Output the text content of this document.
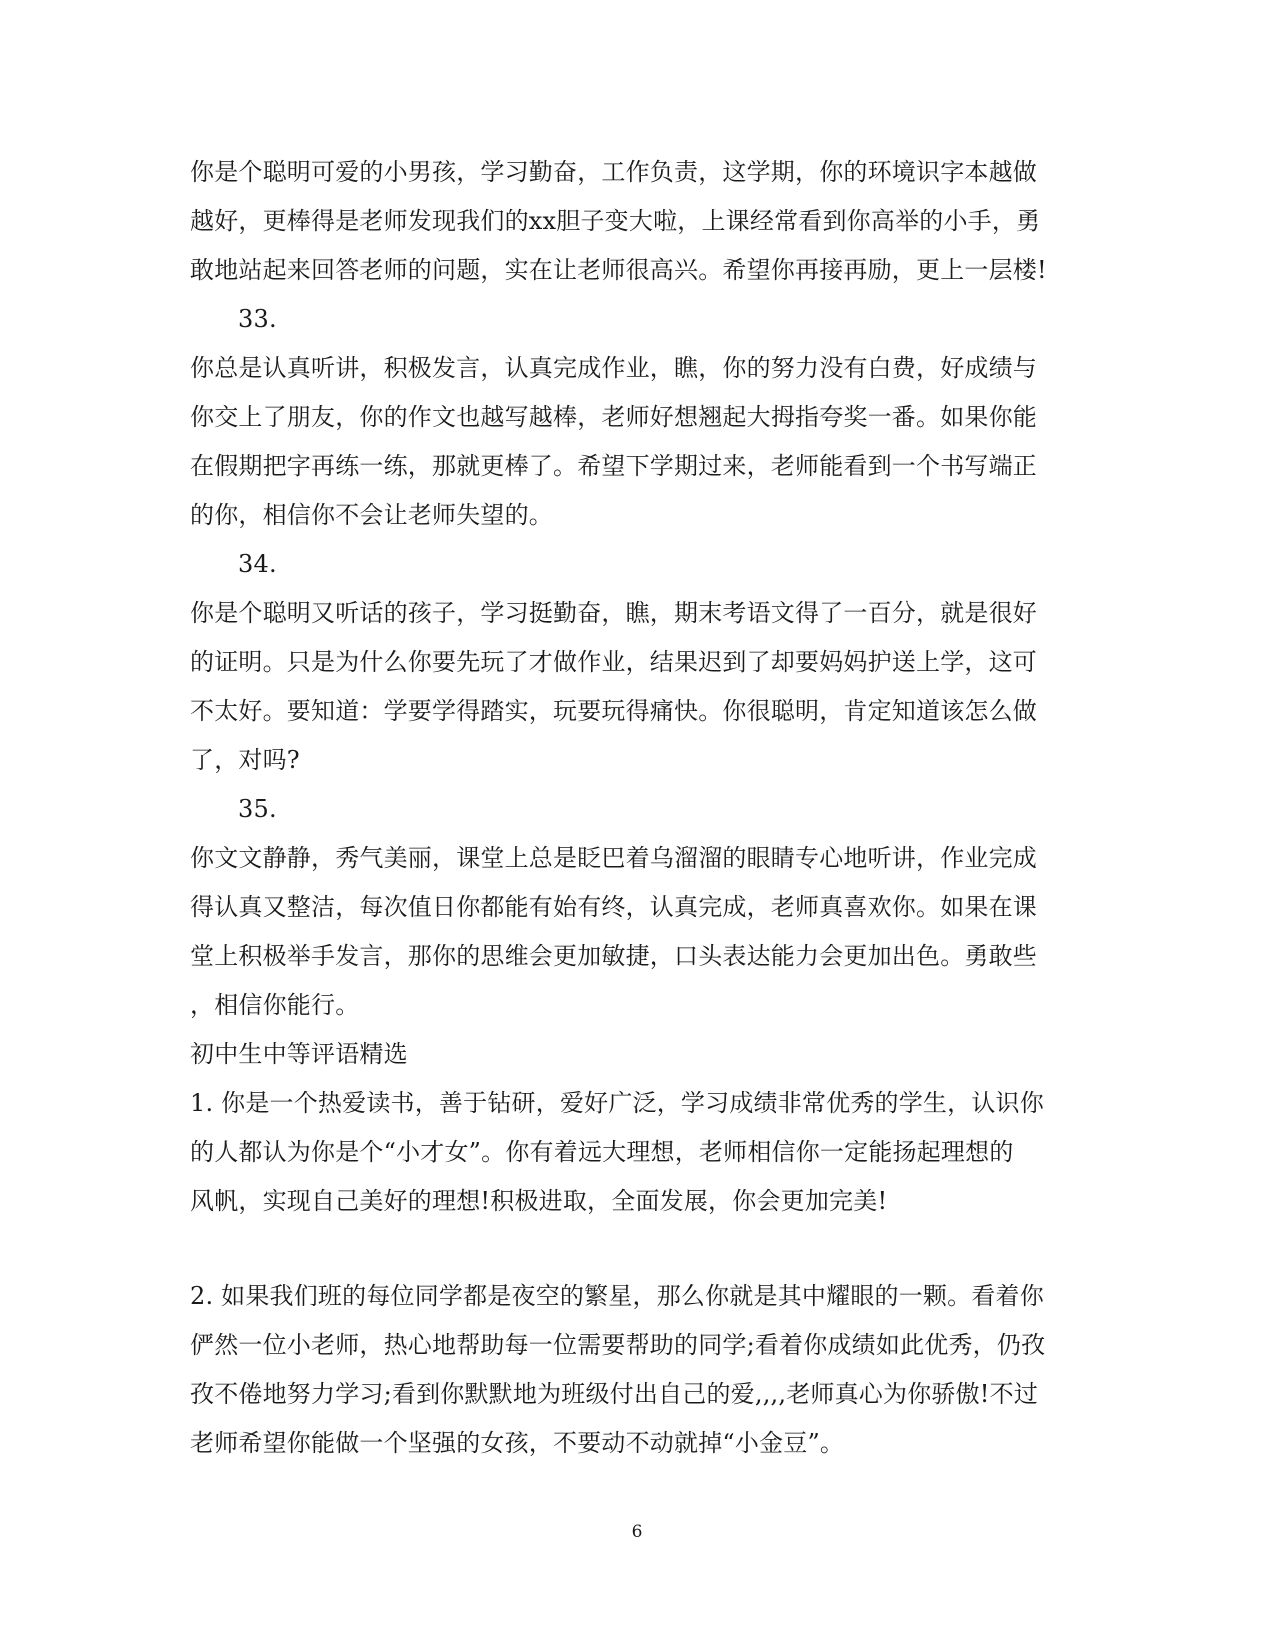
你是个聪明可爱的小男孩，学习勤奋，工作负责，这学期，你的环境识字本越做
越好，更棒得是老师发现我们的xx胆子变大啦，上课经常看到你高举的小手，勇
敢地站起来回答老师的问题，实在让老师很高兴。希望你再接再励，更上一层楼!
33.
你总是认真听讲，积极发言，认真完成作业，瞧，你的努力没有白费，好成绩与
你交上了朋友，你的作文也越写越棒，老师好想翘起大拇指夸奖一番。如果你能
在假期把字再练一练，那就更棒了。希望下学期过来，老师能看到一个书写端正
的你，相信你不会让老师失望的。
34.
你是个聪明又听话的孩子，学习挺勤奋，瞧，期末考语文得了一百分，就是很好
的证明。只是为什么你要先玩了才做作业，结果迟到了却要妈妈护送上学，这可
不太好。要知道：学要学得踏实，玩要玩得痛快。你很聪明，肯定知道该怎么做
了，对吗?
35.
你文文静静，秀气美丽，课堂上总是眨巴着乌溜溜的眼睛专心地听讲，作业完成
得认真又整洁，每次值日你都能有始有终，认真完成，老师真喜欢你。如果在课
堂上积极举手发言，那你的思维会更加敏捷，口头表达能力会更加出色。勇敢些
，相信你能行。
初中生中等评语精选
1. 你是一个热爱读书，善于钻研，爱好广泛，学习成绩非常优秀的学生，认识你
的人都认为你是个“小才女”。你有着远大理想，老师相信你一定能扬起理想的
风帆，实现自己美好的理想!积极进取，全面发展，你会更加完美!
2. 如果我们班的每位同学都是夜空的繁星，那么你就是其中耀眼的一颗。看着你
俨然一位小老师，热心地帮助每一位需要帮助的同学;看着你成绩如此优秀，仍孜
孜不倦地努力学习;看到你默默地为班级付出自己的爱,,,,老师真心为你骄傲!不过
老师希望你能做一个坚强的女孩，不要动不动就掉“小金豆”。
6
